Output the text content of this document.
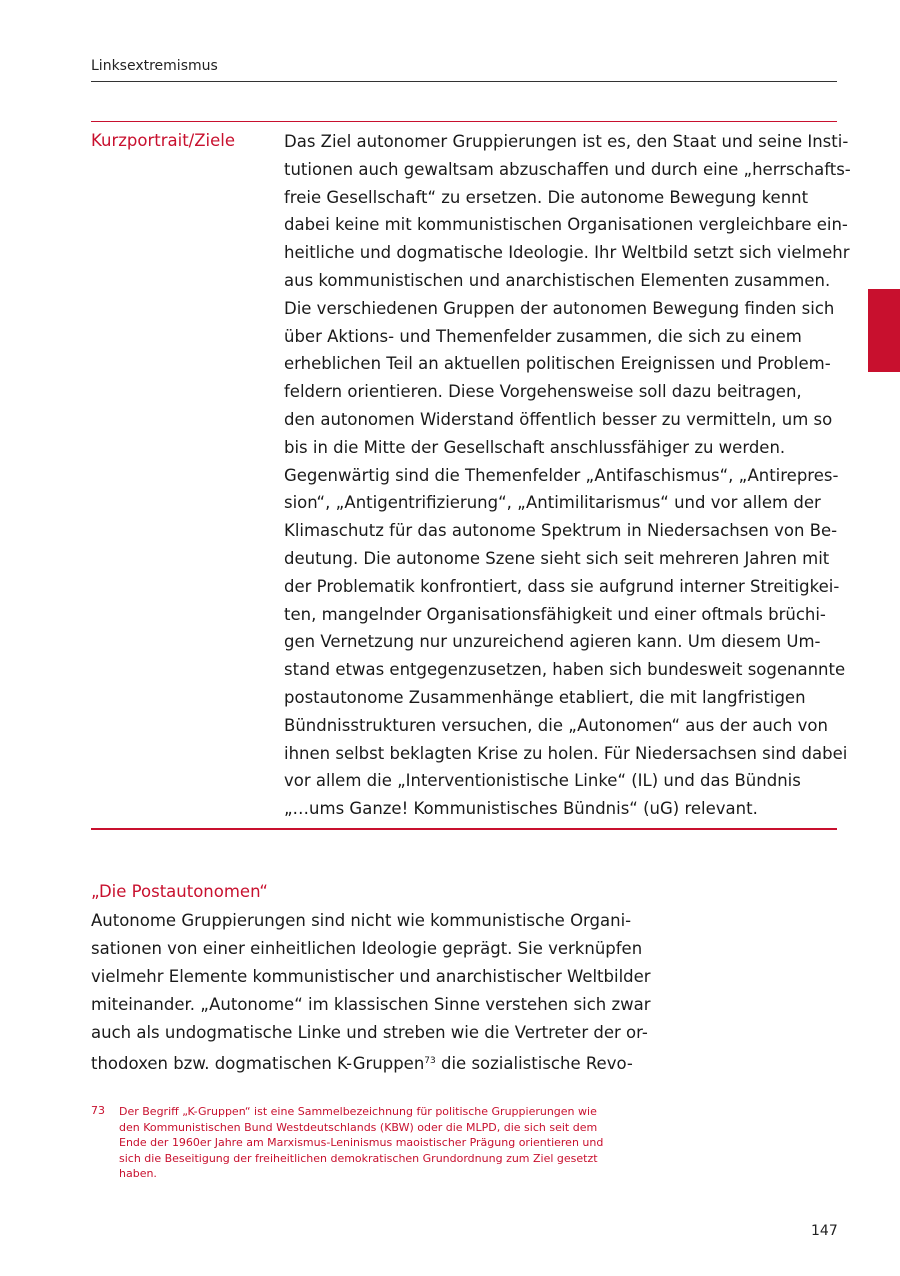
Linksextremismus
Kurzportrait/Ziele	Das Ziel autonomer Gruppierungen ist es, den Staat und seine Insti-
tutionen auch gewaltsam abzuschaffen und durch eine „herrschafts-
freie Gesellschaft“ zu ersetzen. Die autonome Bewegung kennt
dabei keine mit kommunistischen Organisationen vergleichbare ein-
heitliche und dogmatische Ideologie. Ihr Weltbild setzt sich vielmehr
aus kommunistischen und anarchistischen Elementen zusammen.
Die verschiedenen Gruppen der autonomen Bewegung finden sich
über Aktions- und Themenfelder zusammen, die sich zu einem
erheblichen Teil an aktuellen politischen Ereignissen und Problem-
feldern orientieren. Diese Vorgehensweise soll dazu beitragen,
den autonomen Widerstand öffentlich besser zu vermitteln, um so
bis in die Mitte der Gesellschaft anschlussfähiger zu werden.
Gegenwärtig sind die Themenfelder „Antifaschismus“, „Antirepres-
sion“, „Antigentrifizierung“, „Antimilitarismus“ und vor allem der
Klimaschutz für das autonome Spektrum in Niedersachsen von Be-
deutung. Die autonome Szene sieht sich seit mehreren Jahren mit
der Problematik konfrontiert, dass sie aufgrund interner Streitigkei-
ten, mangelnder Organisationsfähigkeit und einer oftmals brüchi-
gen Vernetzung nur unzureichend agieren kann. Um diesem Um-
stand etwas entgegenzusetzen, haben sich bundesweit sogenannte
postautonome Zusammenhänge etabliert, die mit langfristigen
Bündnisstrukturen versuchen, die „Autonomen“ aus der auch von
ihnen selbst beklagten Krise zu holen. Für Niedersachsen sind dabei
vor allem die „Interventionistische Linke“ (IL) und das Bündnis
„…ums Ganze! Kommunistisches Bündnis“ (uG) relevant.
„Die Postautonomen“
Autonome Gruppierungen sind nicht wie kommunistische Organi-
sationen von einer einheitlichen Ideologie geprägt. Sie verknüpfen
vielmehr Elemente kommunistischer und anarchistischer Weltbilder
miteinander. „Autonome“ im klassischen Sinne verstehen sich zwar
auch als undogmatische Linke und streben wie die Vertreter der or-
thodoxen bzw. dogmatischen K-Gruppen$^{73}$ die sozialistische Revo-
73 Der Begriff „K-Gruppen“ ist eine Sammelbezeichnung für politische Gruppierungen wie
den Kommunistischen Bund Westdeutschlands (KBW) oder die MLPD, die sich seit dem
Ende der 1960er Jahre am Marxismus-Leninismus maoistischer Prägung orientieren und
sich die Beseitigung der freiheitlichen demokratischen Grundordnung zum Ziel gesetzt
haben.
147
